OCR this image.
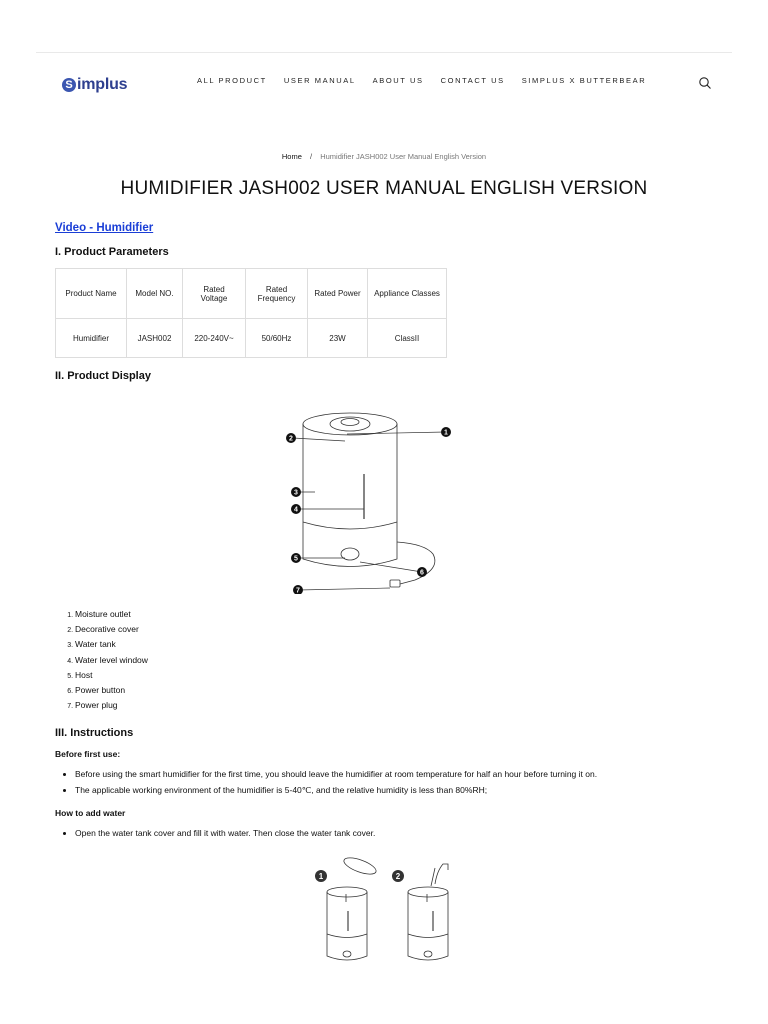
S implus	ALL PRODUCT USER MANUAL ABOUT US CONTACT US SIMPLUS X BUTTERBEAR
Home / Humidifier JASH002 User Manual English Version
HUMIDIFIER JASH002 USER MANUAL ENGLISH VERSION
Video - Humidifier
I. Product Parameters
Product Name	Model NO.	Rated Voltage	Rated Frequency	Rated Power	Appliance Classes
Humidifier	JASH002	220-240V~	50/60Hz	23W	ClassII
II. Product Display
1
2
3
4
5
6
7
1. Moisture outlet
2. Decorative cover
3. Water tank
4. Water level window
5. Host
6. Power button
7. Power plug
III. Instructions
Before first use:
• Before using the smart humidifier for the first time, you should leave the humidifier at room temperature for half an hour before turning it on.
• The applicable working environment of the humidifier is 5-40℃, and the relative humidity is less than 80%RH;
How to add water
• Open the water tank cover and fill it with water. Then close the water tank cover.
1	2
